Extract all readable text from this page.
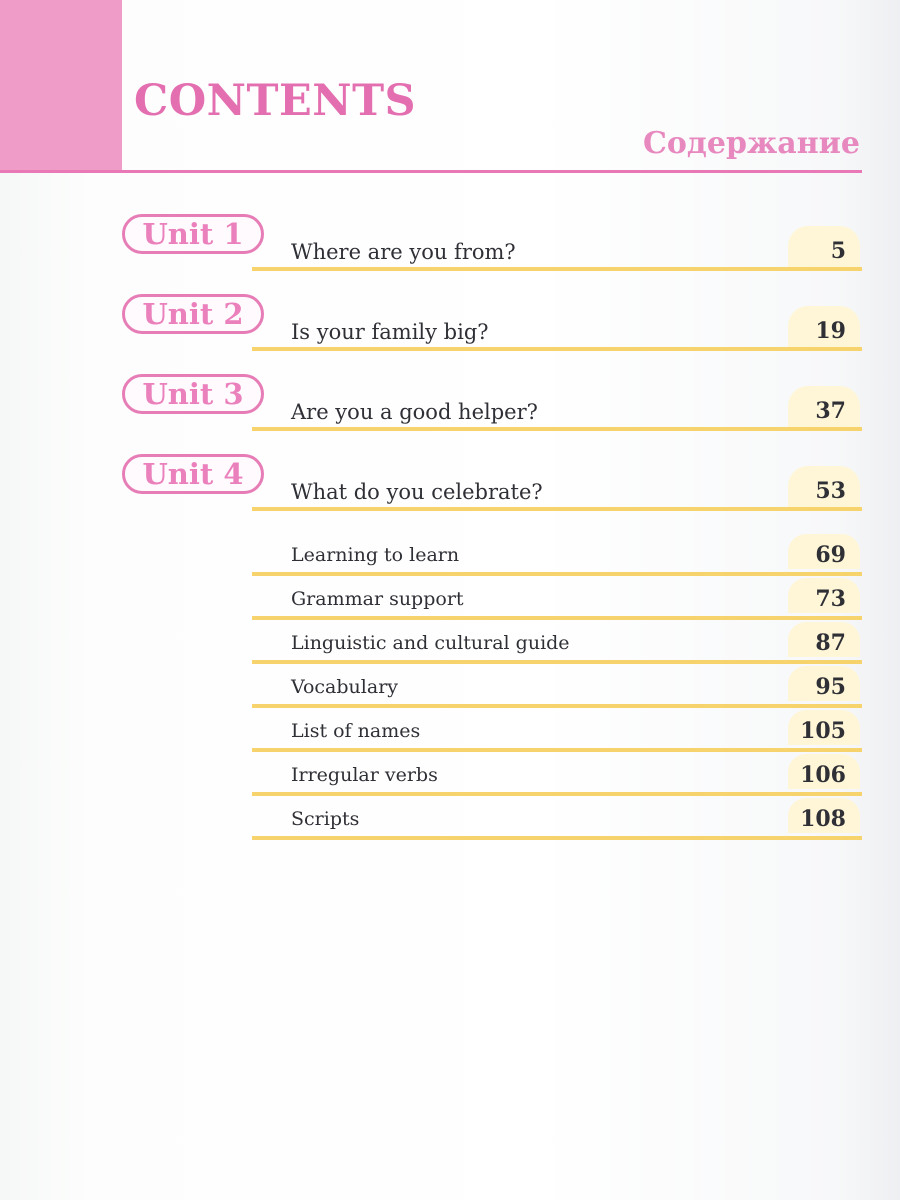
CONTENTS
Содержание
Unit 1
Where are you from?	5
Unit 2
Is your family big?	19
Unit 3
Are you a good helper?	37
Unit 4
What do you celebrate?	53
Learning to learn	69
Grammar support	73
Linguistic and cultural guide	87
Vocabulary	95
List of names	105
Irregular verbs	106
Scripts	108
